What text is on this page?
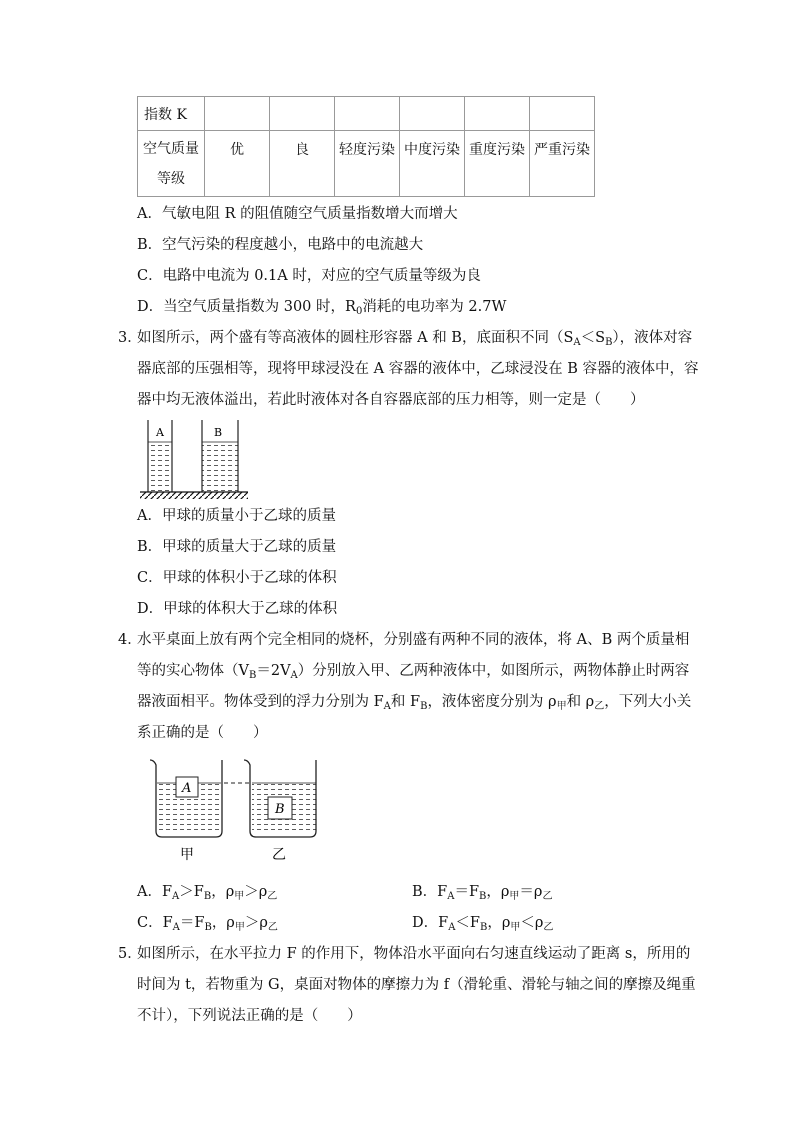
指数 K						
空气质量
等级	优	良	轻度污染	中度污染	重度污染	严重污染
A．气敏电阻 R 的阻值随空气质量指数增大而增大
B．空气污染的程度越小，电路中的电流越大
C．电路中电流为 0.1A 时，对应的空气质量等级为良
D．当空气质量指数为 300 时，$R_0$消耗的电功率为 2.7W
3．
如图所示，两个盛有等高液体的圆柱形容器 A 和 B，底面积不同$(S_A<S_B)$，液体对容
器底部的压强相等，现将甲球浸没在 A 容器的液体中，乙球浸没在 B 容器的液体中，容
器中均无液体溢出，若此时液体对各自容器底部的压力相等，则一定是（　　）
A	B
A．甲球的质量小于乙球的质量
B．甲球的质量大于乙球的质量
C．甲球的体积小于乙球的体积
D．甲球的体积大于乙球的体积
4．
水平桌面上放有两个完全相同的烧杯，分别盛有两种不同的液体，将 A、B 两个质量相
等的实心物体$(V_B=2V_A)$分别放入甲、乙两种液体中，如图所示，两物体静止时两容
器液面相平。物体受到的浮力分别为 $F_A$和 $F_B$，液体密度分别为 $\rho_甲$和 $\rho_乙$，下列大小关
系正确的是（　　）
A
B
甲	乙
A．$F_A>F_B$，$\rho_甲>\rho_乙$	B．$F_A=F_B$，$\rho_甲=\rho_乙$
C．$F_A=F_B$，$\rho_甲>\rho_乙$	D．$F_A<F_B$，$\rho_甲<\rho_乙$
5．
如图所示，在水平拉力 F 的作用下，物体沿水平面向右匀速直线运动了距离 s，所用的
时间为 t，若物重为 G，桌面对物体的摩擦力为 f（滑轮重、滑轮与轴之间的摩擦及绳重
不计），下列说法正确的是（　　）
